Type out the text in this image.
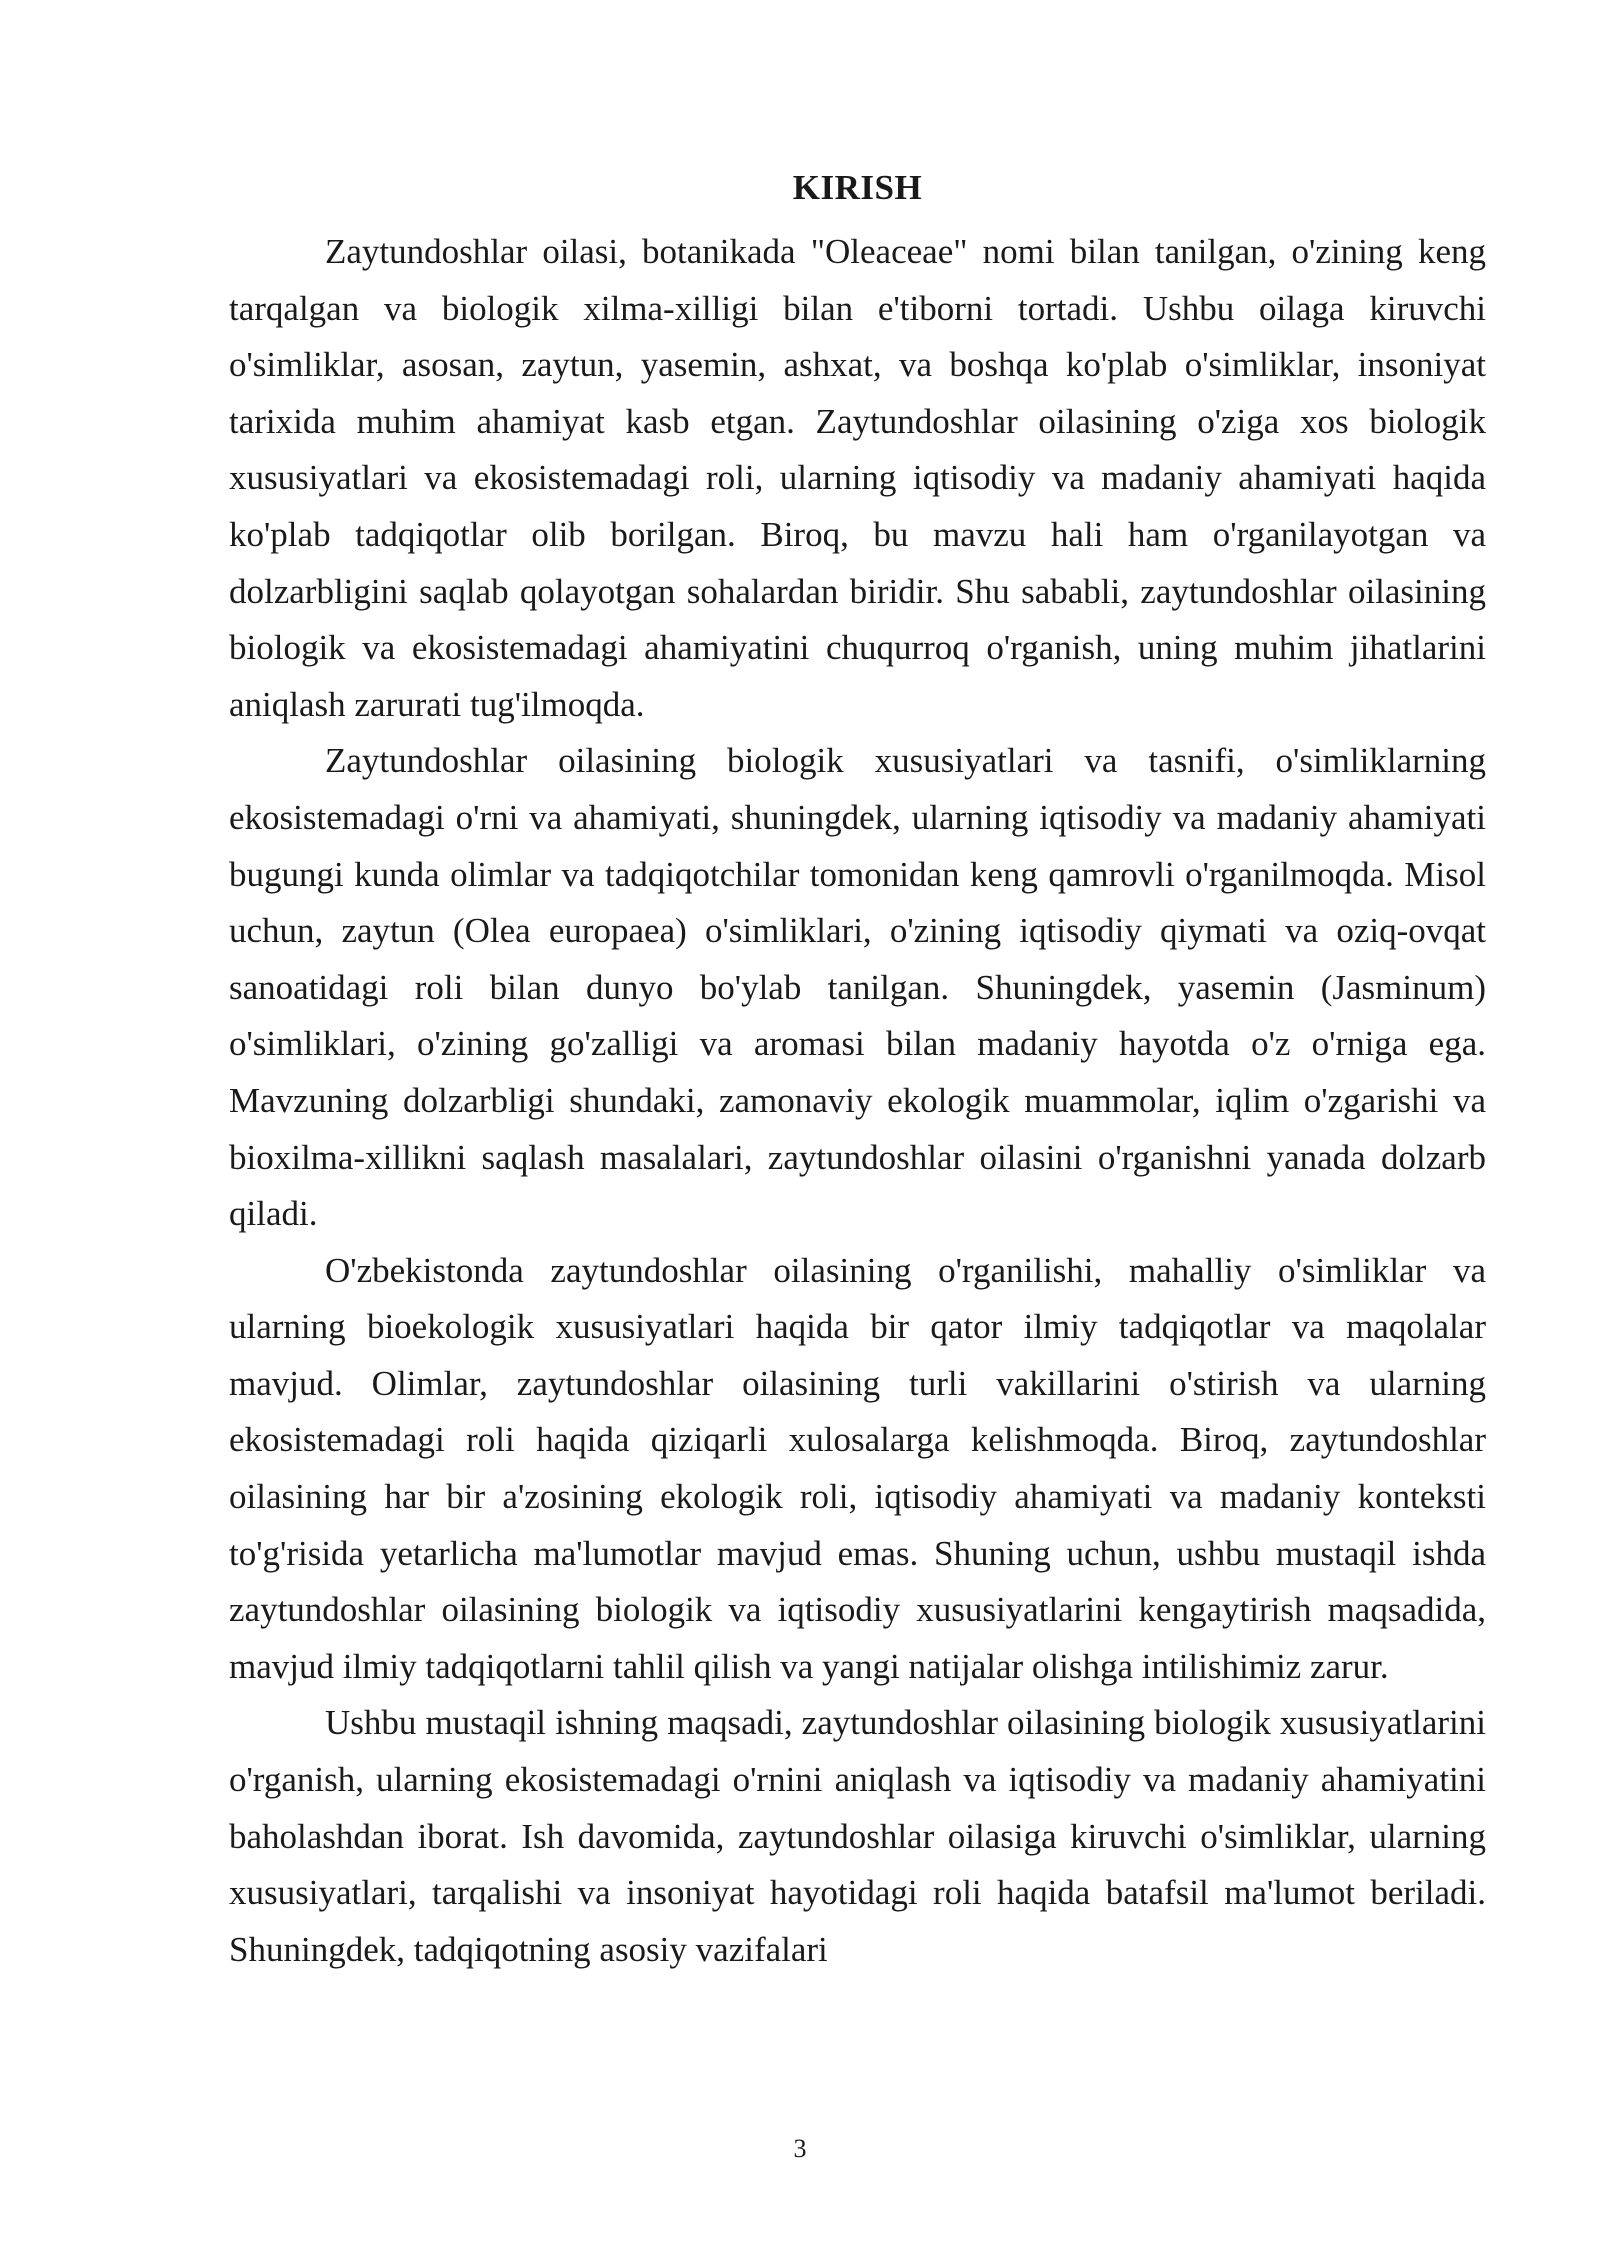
KIRISH

Zaytundoshlar oilasi, botanikada "Oleaceae" nomi bilan tanilgan, o'zining keng tarqalgan va biologik xilma-xilligi bilan e'tiborni tortadi. Ushbu oilaga kiruvchi o'simliklar, asosan, zaytun, yasemin, ashxat, va boshqa ko'plab o'simliklar, insoniyat tarixida muhim ahamiyat kasb etgan. Zaytundoshlar oilasining o'ziga xos biologik xususiyatlari va ekosistemadagi roli, ularning iqtisodiy va madaniy ahamiyati haqida ko'plab tadqiqotlar olib borilgan. Biroq, bu mavzu hali ham o'rganilayotgan va dolzarbligini saqlab qolayotgan sohalardan biridir. Shu sababli, zaytundoshlar oilasining biologik va ekosistemadagi ahamiyatini chuqurroq o'rganish, uning muhim jihatlarini aniqlash zarurati tug'ilmoqda.

Zaytundoshlar oilasining biologik xususiyatlari va tasnifi, o'simliklarning ekosistemadagi o'rni va ahamiyati, shuningdek, ularning iqtisodiy va madaniy ahamiyati bugungi kunda olimlar va tadqiqotchilar tomonidan keng qamrovli o'rganilmoqda. Misol uchun, zaytun (Olea europaea) o'simliklari, o'zining iqtisodiy qiymati va oziq-ovqat sanoatidagi roli bilan dunyo bo'ylab tanilgan. Shuningdek, yasemin (Jasminum) o'simliklari, o'zining go'zalligi va aromasi bilan madaniy hayotda o'z o'rniga ega. Mavzuning dolzarbligi shundaki, zamonaviy ekologik muammolar, iqlim o'zgarishi va bioxilma-xillikni saqlash masalalari, zaytundoshlar oilasini o'rganishni yanada dolzarb qiladi.

O'zbekistonda zaytundoshlar oilasining o'rganilishi, mahalliy o'simliklar va ularning bioekologik xususiyatlari haqida bir qator ilmiy tadqiqotlar va maqolalar mavjud. Olimlar, zaytundoshlar oilasining turli vakillarini o'stirish va ularning ekosistemadagi roli haqida qiziqarli xulosalarga kelishmoqda. Biroq, zaytundoshlar oilasining har bir a'zosining ekologik roli, iqtisodiy ahamiyati va madaniy konteksti to'g'risida yetarlicha ma'lumotlar mavjud emas. Shuning uchun, ushbu mustaqil ishda zaytundoshlar oilasining biologik va iqtisodiy xususiyatlarini kengaytirish maqsadida, mavjud ilmiy tadqiqotlarni tahlil qilish va yangi natijalar olishga intilishimiz zarur.

Ushbu mustaqil ishning maqsadi, zaytundoshlar oilasining biologik xususiyatlarini o'rganish, ularning ekosistemadagi o'rnini aniqlash va iqtisodiy va madaniy ahamiyatini baholashdan iborat. Ish davomida, zaytundoshlar oilasiga kiruvchi o'simliklar, ularning xususiyatlari, tarqalishi va insoniyat hayotidagi roli haqida batafsil ma'lumot beriladi. Shuningdek, tadqiqotning asosiy vazifalari

3
